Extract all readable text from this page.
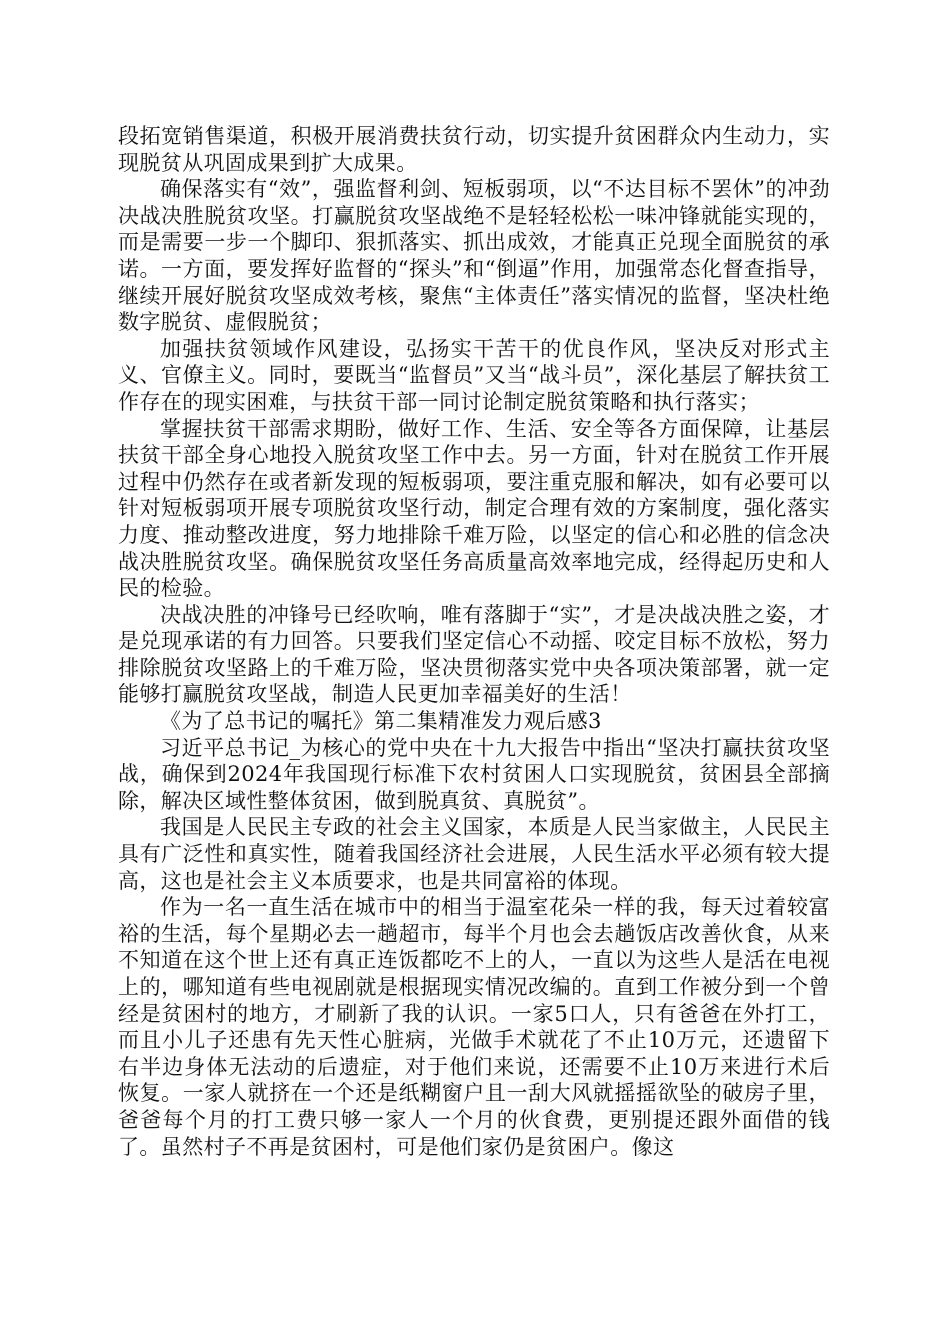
段拓宽销售渠道，积极开展消费扶贫行动，切实提升贫困群众内生动力，实现脱贫从巩固成果到扩大成果。

确保落实有“效”，强监督利剑、短板弱项，以“不达目标不罢休”的冲劲决战决胜脱贫攻坚。打赢脱贫攻坚战绝不是轻轻松松一味冲锋就能实现的，而是需要一步一个脚印、狠抓落实、抓出成效，才能真正兑现全面脱贫的承诺。一方面，要发挥好监督的“探头”和“倒逼”作用，加强常态化督查指导，继续开展好脱贫攻坚成效考核，聚焦“主体责任”落实情况的监督，坚决杜绝数字脱贫、虚假脱贫；

加强扶贫领域作风建设，弘扬实干苦干的优良作风，坚决反对形式主义、官僚主义。同时，要既当“监督员”又当“战斗员”，深化基层了解扶贫工作存在的现实困难，与扶贫干部一同讨论制定脱贫策略和执行落实；

掌握扶贫干部需求期盼，做好工作、生活、安全等各方面保障，让基层扶贫干部全身心地投入脱贫攻坚工作中去。另一方面，针对在脱贫工作开展过程中仍然存在或者新发现的短板弱项，要注重克服和解决，如有必要可以针对短板弱项开展专项脱贫攻坚行动，制定合理有效的方案制度，强化落实力度、推动整改进度，努力地排除千难万险，以坚定的信心和必胜的信念决战决胜脱贫攻坚。确保脱贫攻坚任务高质量高效率地完成，经得起历史和人民的检验。

决战决胜的冲锋号已经吹响，唯有落脚于“实”，才是决战决胜之姿，才是兑现承诺的有力回答。只要我们坚定信心不动摇、咬定目标不放松，努力排除脱贫攻坚路上的千难万险，坚决贯彻落实党中央各项决策部署，就一定能够打赢脱贫攻坚战，制造人民更加幸福美好的生活！

《为了总书记的嘱托》第二集精准发力观后感3

习近平总书记_为核心的党中央在十九大报告中指出“坚决打赢扶贫攻坚战，确保到2024年我国现行标准下农村贫困人口实现脱贫，贫困县全部摘除，解决区域性整体贫困，做到脱真贫、真脱贫”。

我国是人民民主专政的社会主义国家，本质是人民当家做主，人民民主具有广泛性和真实性，随着我国经济社会进展，人民生活水平必须有较大提高，这也是社会主义本质要求，也是共同富裕的体现。

作为一名一直生活在城市中的相当于温室花朵一样的我，每天过着较富裕的生活，每个星期必去一趟超市，每半个月也会去趟饭店改善伙食，从来不知道在这个世上还有真正连饭都吃不上的人，一直以为这些人是活在电视上的，哪知道有些电视剧就是根据现实情况改编的。直到工作被分到一个曾经是贫困村的地方，才刷新了我的认识。一家5口人，只有爸爸在外打工，而且小儿子还患有先天性心脏病，光做手术就花了不止10万元，还遗留下右半边身体无法动的后遗症，对于他们来说，还需要不止10万来进行术后恢复。一家人就挤在一个还是纸糊窗户且一刮大风就摇摇欲坠的破房子里，爸爸每个月的打工费只够一家人一个月的伙食费，更别提还跟外面借的钱了。虽然村子不再是贫困村，可是他们家仍是贫困户。像这
